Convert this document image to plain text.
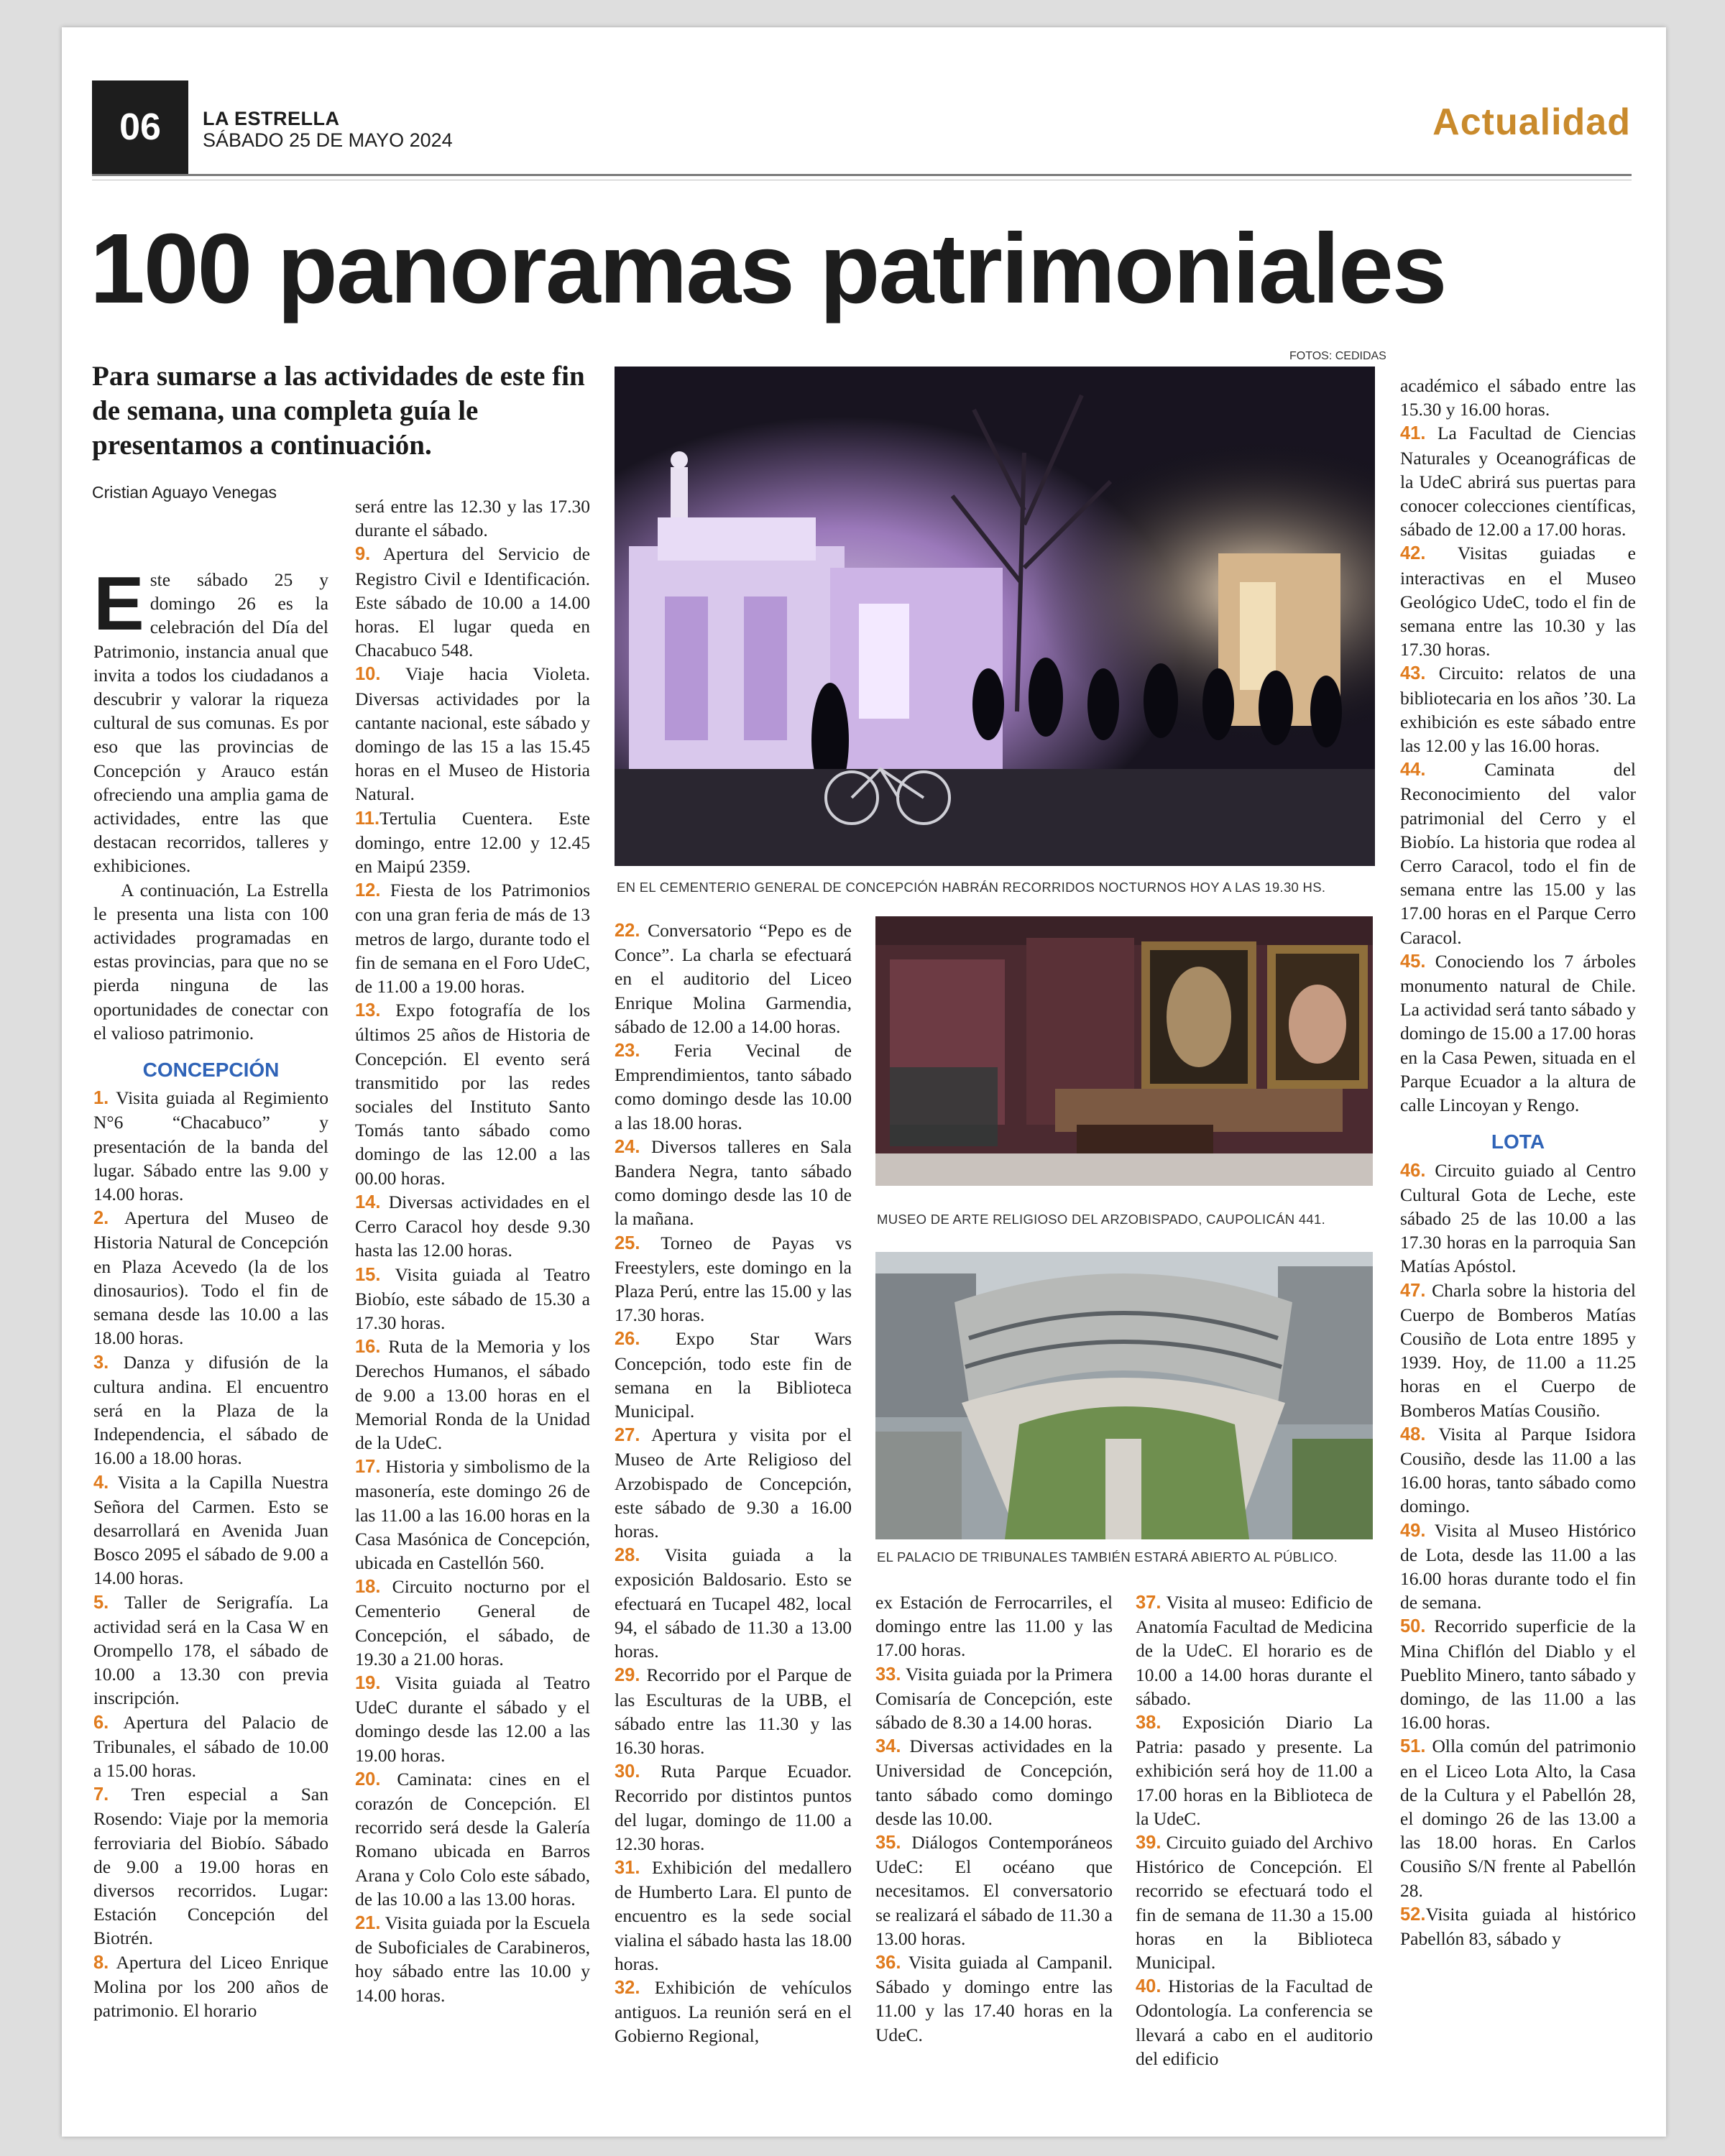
06	LA ESTRELLA
SÁBADO 25 DE MAYO 2024	Actualidad
100 panoramas patrimoniales
FOTOS: CEDIDAS
Para sumarse a las actividades de este fin de semana, una completa guía le presentamos a continuación.
Cristian Aguayo Venegas

Este sábado 25 y domingo 26 es la celebración del Día del Patrimonio, instancia anual que invita a todos los ciudadanos a descubrir y valorar la riqueza cultural de sus comunas. Es por eso que las provincias de Concepción y Arauco están ofreciendo una amplia gama de actividades, entre las que destacan recorridos, talleres y exhibiciones.

A continuación, La Estrella le presenta una lista con 100 actividades programadas en estas provincias, para que no se pierda ninguna de las oportunidades de conectar con el valioso patrimonio.

CONCEPCIÓN

1. Visita guiada al Regimiento N°6 “Chacabuco” y presentación de la banda del lugar. Sábado entre las 9.00 y 14.00 horas.

2. Apertura del Museo de Historia Natural de Concepción en Plaza Acevedo (la de los dinosaurios). Todo el fin de semana desde las 10.00 a las 18.00 horas.

3. Danza y difusión de la cultura andina. El encuentro será en la Plaza de la Independencia, el sábado de 16.00 a 18.00 horas.

4. Visita a la Capilla Nuestra Señora del Carmen. Esto se desarrollará en Avenida Juan Bosco 2095 el sábado de 9.00 a 14.00 horas.

5. Taller de Serigrafía. La actividad será en la Casa W en Orompello 178, el sábado de 10.00 a 13.30 con previa inscripción.

6. Apertura del Palacio de Tribunales, el sábado de 10.00 a 15.00 horas.

7. Tren especial a San Rosendo: Viaje por la memoria ferroviaria del Biobío. Sábado de 9.00 a 19.00 horas en diversos recorridos. Lugar: Estación Concepción del Biotrén.

8. Apertura del Liceo Enrique Molina por los 200 años de patrimonio. El horario

será entre las 12.30 y las 17.30 durante el sábado.

9. Apertura del Servicio de Registro Civil e Identificación. Este sábado de 10.00 a 14.00 horas. El lugar queda en Chacabuco 548.

10. Viaje hacia Violeta. Diversas actividades por la cantante nacional, este sábado y domingo de las 15 a las 15.45 horas en el Museo de Historia Natural.

11.Tertulia Cuentera. Este domingo, entre 12.00 y 12.45 en Maipú 2359.

12. Fiesta de los Patrimonios con una gran feria de más de 13 metros de largo, durante todo el fin de semana en el Foro UdeC, de 11.00 a 19.00 horas.

13. Expo fotografía de los últimos 25 años de Historia de Concepción. El evento será transmitido por las redes sociales del Instituto Santo Tomás tanto sábado como domingo de las 12.00 a las 00.00 horas.

14. Diversas actividades en el Cerro Caracol hoy desde 9.30 hasta las 12.00 horas.

15. Visita guiada al Teatro Biobío, este sábado de 15.30 a 17.30 horas.

16. Ruta de la Memoria y los Derechos Humanos, el sábado de 9.00 a 13.00 horas en el Memorial Ronda de la Unidad de la UdeC.

17. Historia y simbolismo de la masonería, este domingo 26 de las 11.00 a las 16.00 horas en la Casa Masónica de Concepción, ubicada en Castellón 560.

18. Circuito nocturno por el Cementerio General de Concepción, el sábado, de 19.30 a 21.00 horas.

19. Visita guiada al Teatro UdeC durante el sábado y el domingo desde las 12.00 a las 19.00 horas.

20. Caminata: cines en el corazón de Concepción. El recorrido será desde la Galería Romano ubicada en Barros Arana y Colo Colo este sábado, de las 10.00 a las 13.00 horas.

21. Visita guiada por la Escuela de Suboficiales de Carabineros, hoy sábado entre las 10.00 y 14.00 horas.

EN EL CEMENTERIO GENERAL DE CONCEPCIÓN HABRÁN RECORRIDOS NOCTURNOS HOY A LAS 19.30 HS.

22. Conversatorio “Pepo es de Conce”. La charla se efectuará en el auditorio del Liceo Enrique Molina Garmendia, sábado de 12.00 a 14.00 horas.

23. Feria Vecinal de Emprendimientos, tanto sábado como domingo desde las 10.00 a las 18.00 horas.

24. Diversos talleres en Sala Bandera Negra, tanto sábado como domingo desde las 10 de la mañana.

25. Torneo de Payas vs Freestylers, este domingo en la Plaza Perú, entre las 15.00 y las 17.30 horas.

26. Expo Star Wars Concepción, todo este fin de semana en la Biblioteca Municipal.

27. Apertura y visita por el Museo de Arte Religioso del Arzobispado de Concepción, este sábado de 9.30 a 16.00 horas.

28. Visita guiada a la exposición Baldosario. Esto se efectuará en Tucapel 482, local 94, el sábado de 11.30 a 13.00 horas.

29. Recorrido por el Parque de las Esculturas de la UBB, el sábado entre las 11.30 y las 16.30 horas.

30. Ruta Parque Ecuador. Recorrido por distintos puntos del lugar, domingo de 11.00 a 12.30 horas.

31. Exhibición del medallero de Humberto Lara. El punto de encuentro es la sede social vialina el sábado hasta las 18.00 horas.

32. Exhibición de vehículos antiguos. La reunión será en el Gobierno Regional,

MUSEO DE ARTE RELIGIOSO DEL ARZOBISPADO, CAUPOLICÁN 441.
EL PALACIO DE TRIBUNALES TAMBIÉN ESTARÁ ABIERTO AL PÚBLICO.

ex Estación de Ferrocarriles, el domingo entre las 11.00 y las 17.00 horas.

33. Visita guiada por la Primera Comisaría de Concepción, este sábado de 8.30 a 14.00 horas.

34. Diversas actividades en la Universidad de Concepción, tanto sábado como domingo desde las 10.00.

35. Diálogos Contemporáneos UdeC: El océano que necesitamos. El conversatorio se realizará el sábado de 11.30 a 13.00 horas.

36. Visita guiada al Campanil. Sábado y domingo entre las 11.00 y las 17.40 horas en la UdeC.

37. Visita al museo: Edificio de Anatomía Facultad de Medicina de la UdeC. El horario es de 10.00 a 14.00 horas durante el sábado.

38. Exposición Diario La Patria: pasado y presente. La exhibición será hoy de 11.00 a 17.00 horas en la Biblioteca de la UdeC.

39. Circuito guiado del Archivo Histórico de Concepción. El recorrido se efectuará todo el fin de semana de 11.30 a 15.00 horas en la Biblioteca Municipal.

40. Historias de la Facultad de Odontología. La conferencia se llevará a cabo en el auditorio del edificio

académico el sábado entre las 15.30 y 16.00 horas.

41. La Facultad de Ciencias Naturales y Oceanográficas de la UdeC abrirá sus puertas para conocer colecciones científicas, sábado de 12.00 a 17.00 horas.

42. Visitas guiadas e interactivas en el Museo Geológico UdeC, todo el fin de semana entre las 10.30 y las 17.30 horas.

43. Circuito: relatos de una bibliotecaria en los años ’30. La exhibición es este sábado entre las 12.00 y las 16.00 horas.

44. Caminata del Reconocimiento del valor patrimonial del Cerro y el Biobío. La historia que rodea al Cerro Caracol, todo el fin de semana entre las 15.00 y las 17.00 horas en el Parque Cerro Caracol.

45. Conociendo los 7 árboles monumento natural de Chile. La actividad será tanto sábado y domingo de 15.00 a 17.00 horas en la Casa Pewen, situada en el Parque Ecuador a la altura de calle Lincoyan y Rengo.

LOTA

46. Circuito guiado al Centro Cultural Gota de Leche, este sábado 25 de las 10.00 a las 17.30 horas en la parroquia San Matías Apóstol.

47. Charla sobre la historia del Cuerpo de Bomberos Matías Cousiño de Lota entre 1895 y 1939. Hoy, de 11.00 a 11.25 horas en el Cuerpo de Bomberos Matías Cousiño.

48. Visita al Parque Isidora Cousiño, desde las 11.00 a las 16.00 horas, tanto sábado como domingo.

49. Visita al Museo Histórico de Lota, desde las 11.00 a las 16.00 horas durante todo el fin de semana.

50. Recorrido superficie de la Mina Chiflón del Diablo y el Pueblito Minero, tanto sábado y domingo, de las 11.00 a las 16.00 horas.

51. Olla común del patrimonio en el Liceo Lota Alto, la Casa de la Cultura y el Pabellón 28, el domingo 26 de las 13.00 a las 18.00 horas. En Carlos Cousiño S/N frente al Pabellón 28.

52.Visita guiada al histórico Pabellón 83, sábado y
